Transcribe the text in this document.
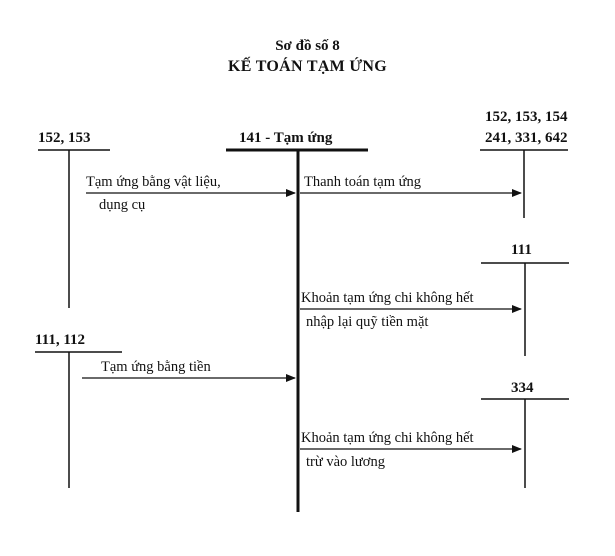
Sơ đồ số 8
KẾ TOÁN TẠM ỨNG
152, 153	141 - Tạm ứng
152, 153, 154
241, 331, 642
111
111, 112
334
Tạm ứng bằng vật liệu,
dụng cụ
Thanh toán tạm ứng
Khoản tạm ứng chi không hết
nhập lại quỹ tiền mặt
Tạm ứng bằng tiền
Khoản tạm ứng chi không hết
trừ vào lương
